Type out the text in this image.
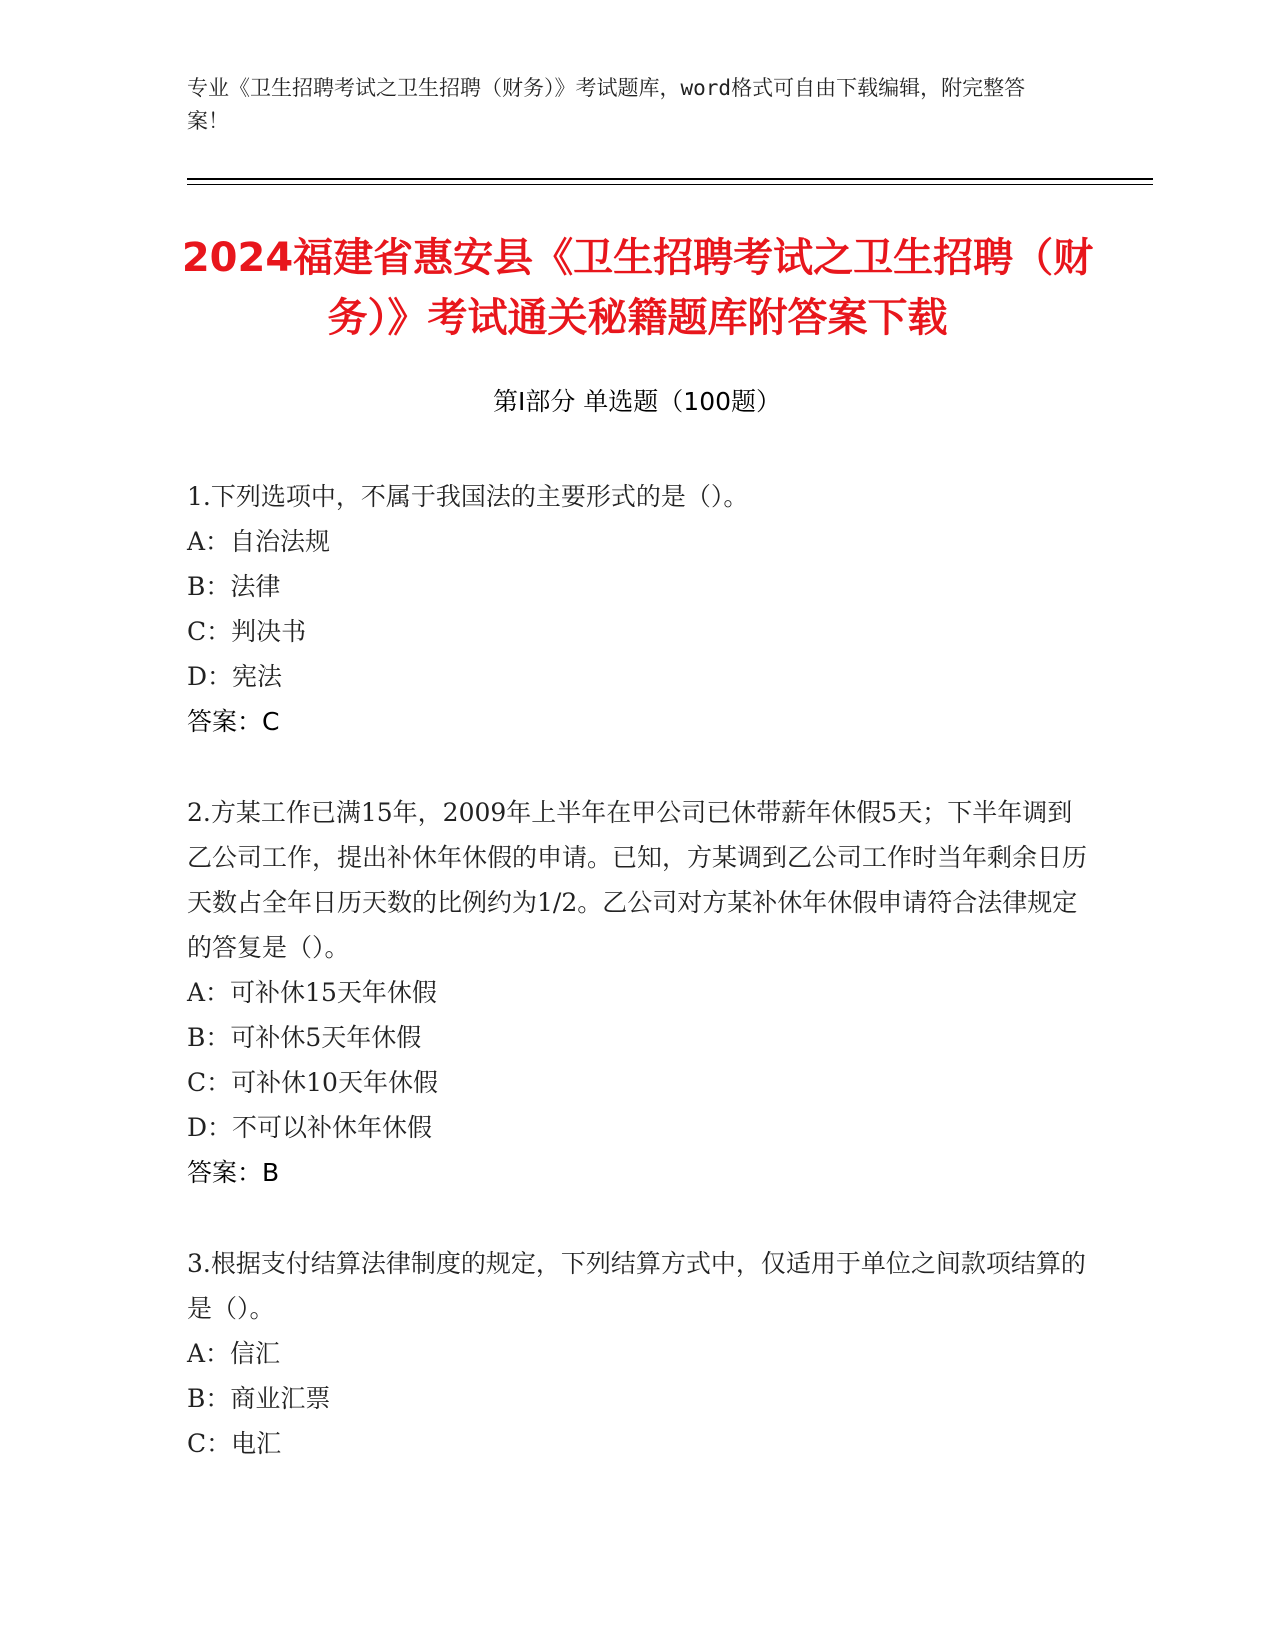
专业《卫生招聘考试之卫生招聘（财务）》考试题库，word格式可自由下载编辑，附完整答案！
2024福建省惠安县《卫生招聘考试之卫生招聘（财务）》考试通关秘籍题库附答案下载
第Ⅰ部分 单选题（100题）

1.下列选项中，不属于我国法的主要形式的是（）。

A：自治法规

B：法律

C：判决书

D：宪法

答案：C

2.方某工作已满15年，2009年上半年在甲公司已休带薪年休假5天；下半年调到乙公司工作，提出补休年休假的申请。已知，方某调到乙公司工作时当年剩余日历天数占全年日历天数的比例约为1/2。乙公司对方某补休年休假申请符合法律规定的答复是（）。

A：可补休15天年休假

B：可补休5天年休假

C：可补休10天年休假

D：不可以补休年休假

答案：B

3.根据支付结算法律制度的规定，下列结算方式中，仅适用于单位之间款项结算的是（）。

A：信汇

B：商业汇票

C：电汇
